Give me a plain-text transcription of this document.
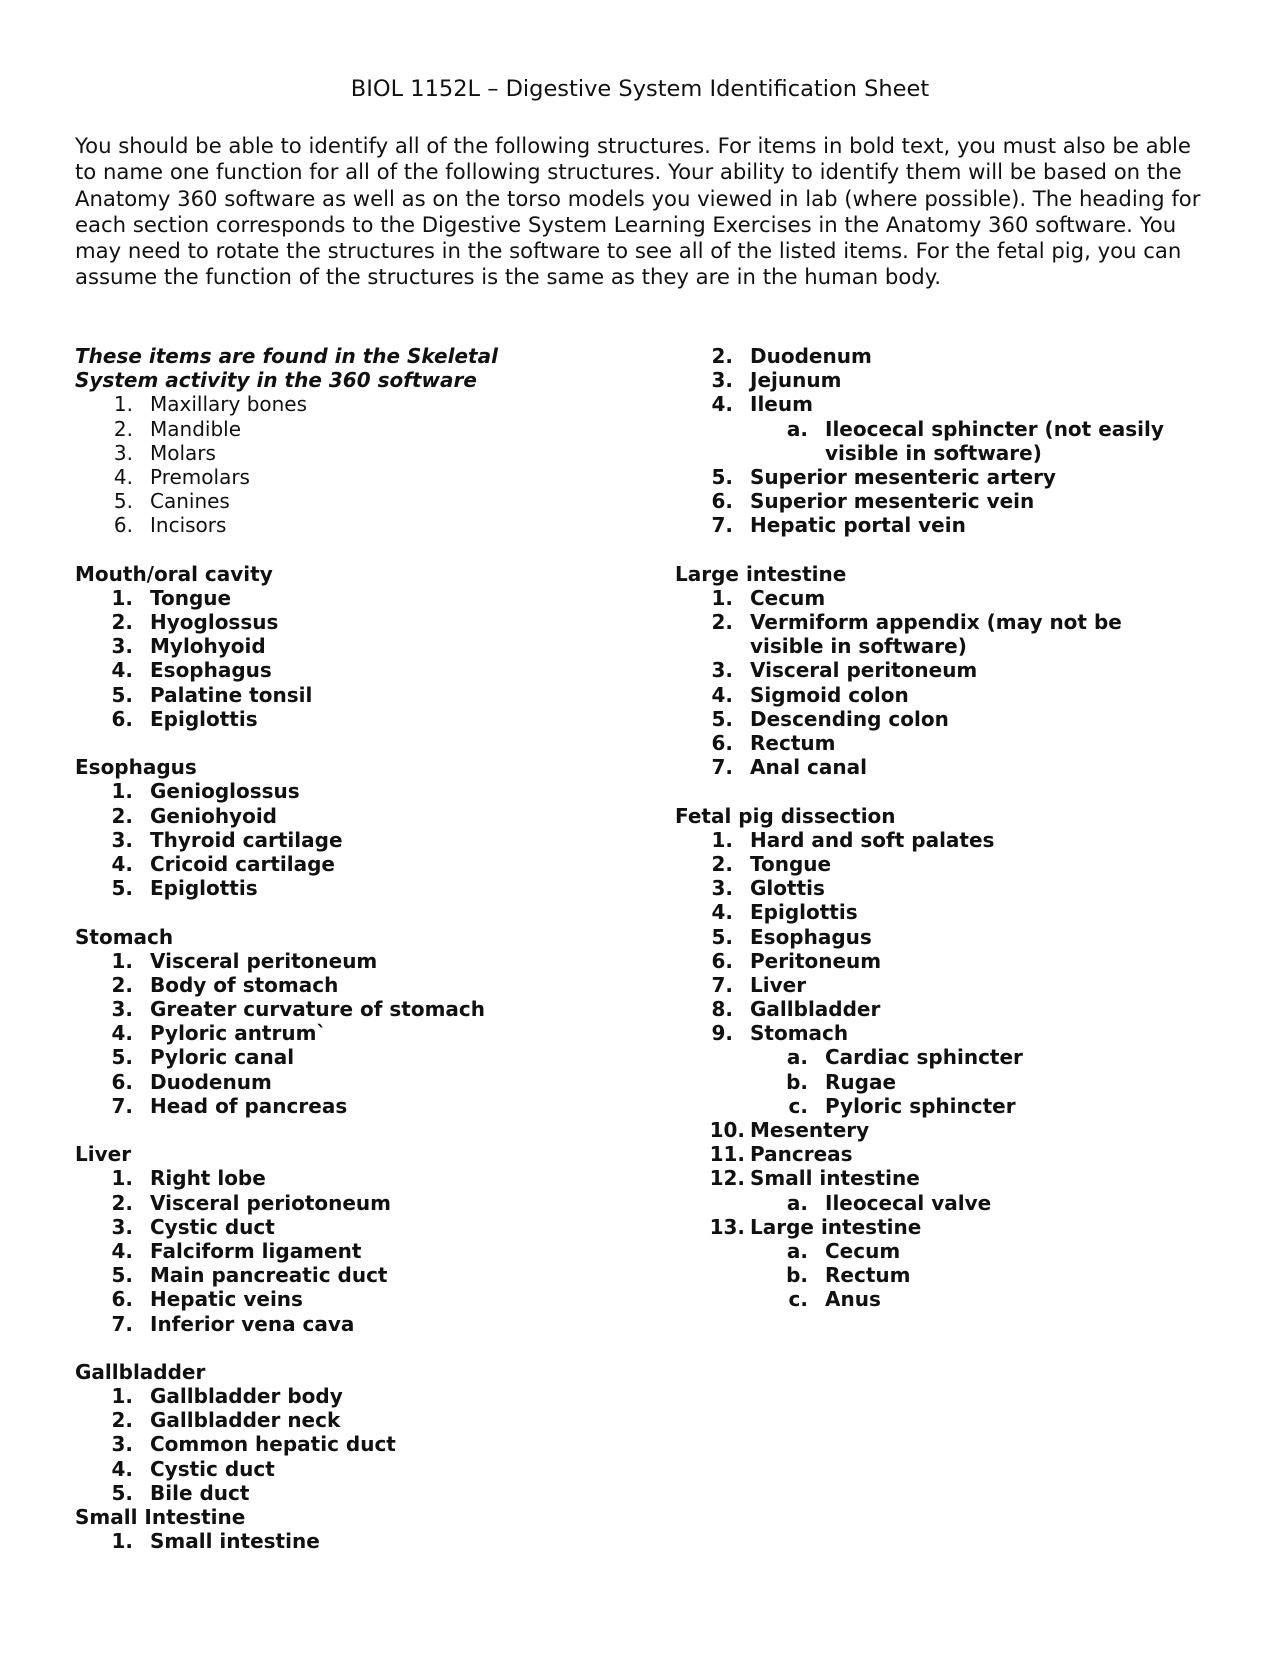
BIOL 1152L – Digestive System Identification Sheet

You should be able to identify all of the following structures. For items in bold text, you must also be able to name one function for all of the following structures. Your ability to identify them will be based on the Anatomy 360 software as well as on the torso models you viewed in lab (where possible). The heading for each section corresponds to the Digestive System Learning Exercises in the Anatomy 360 software. You may need to rotate the structures in the software to see all of the listed items. For the fetal pig, you can assume the function of the structures is the same as they are in the human body.

These items are found in the Skeletal
System activity in the 360 software
1. Maxillary bones
2. Mandible
3. Molars
4. Premolars
5. Canines
6. Incisors
Mouth/oral cavity
1. Tongue
2. Hyoglossus
3. Mylohyoid
4. Esophagus
5. Palatine tonsil
6. Epiglottis
Esophagus
1. Genioglossus
2. Geniohyoid
3. Thyroid cartilage
4. Cricoid cartilage
5. Epiglottis
Stomach
1. Visceral peritoneum
2. Body of stomach
3. Greater curvature of stomach
4. Pyloric antrum`
5. Pyloric canal
6. Duodenum
7. Head of pancreas
Liver
1. Right lobe
2. Visceral periotoneum
3. Cystic duct
4. Falciform ligament
5. Main pancreatic duct
6. Hepatic veins
7. Inferior vena cava
Gallbladder
1. Gallbladder body
2. Gallbladder neck
3. Common hepatic duct
4. Cystic duct
5. Bile duct
Small Intestine
1. Small intestine
2. Duodenum
3. Jejunum
4. Ileum
a. Ileocecal sphincter (not easily
visible in software)
5. Superior mesenteric artery
6. Superior mesenteric vein
7. Hepatic portal vein
Large intestine
1. Cecum
2. Vermiform appendix (may not be
visible in software)
3. Visceral peritoneum
4. Sigmoid colon
5. Descending colon
6. Rectum
7. Anal canal
Fetal pig dissection
1. Hard and soft palates
2. Tongue
3. Glottis
4. Epiglottis
5. Esophagus
6. Peritoneum
7. Liver
8. Gallbladder
9. Stomach
a. Cardiac sphincter
b. Rugae
c. Pyloric sphincter
10. Mesentery
11. Pancreas
12. Small intestine
a. Ileocecal valve
13. Large intestine
a. Cecum
b. Rectum
c. Anus
